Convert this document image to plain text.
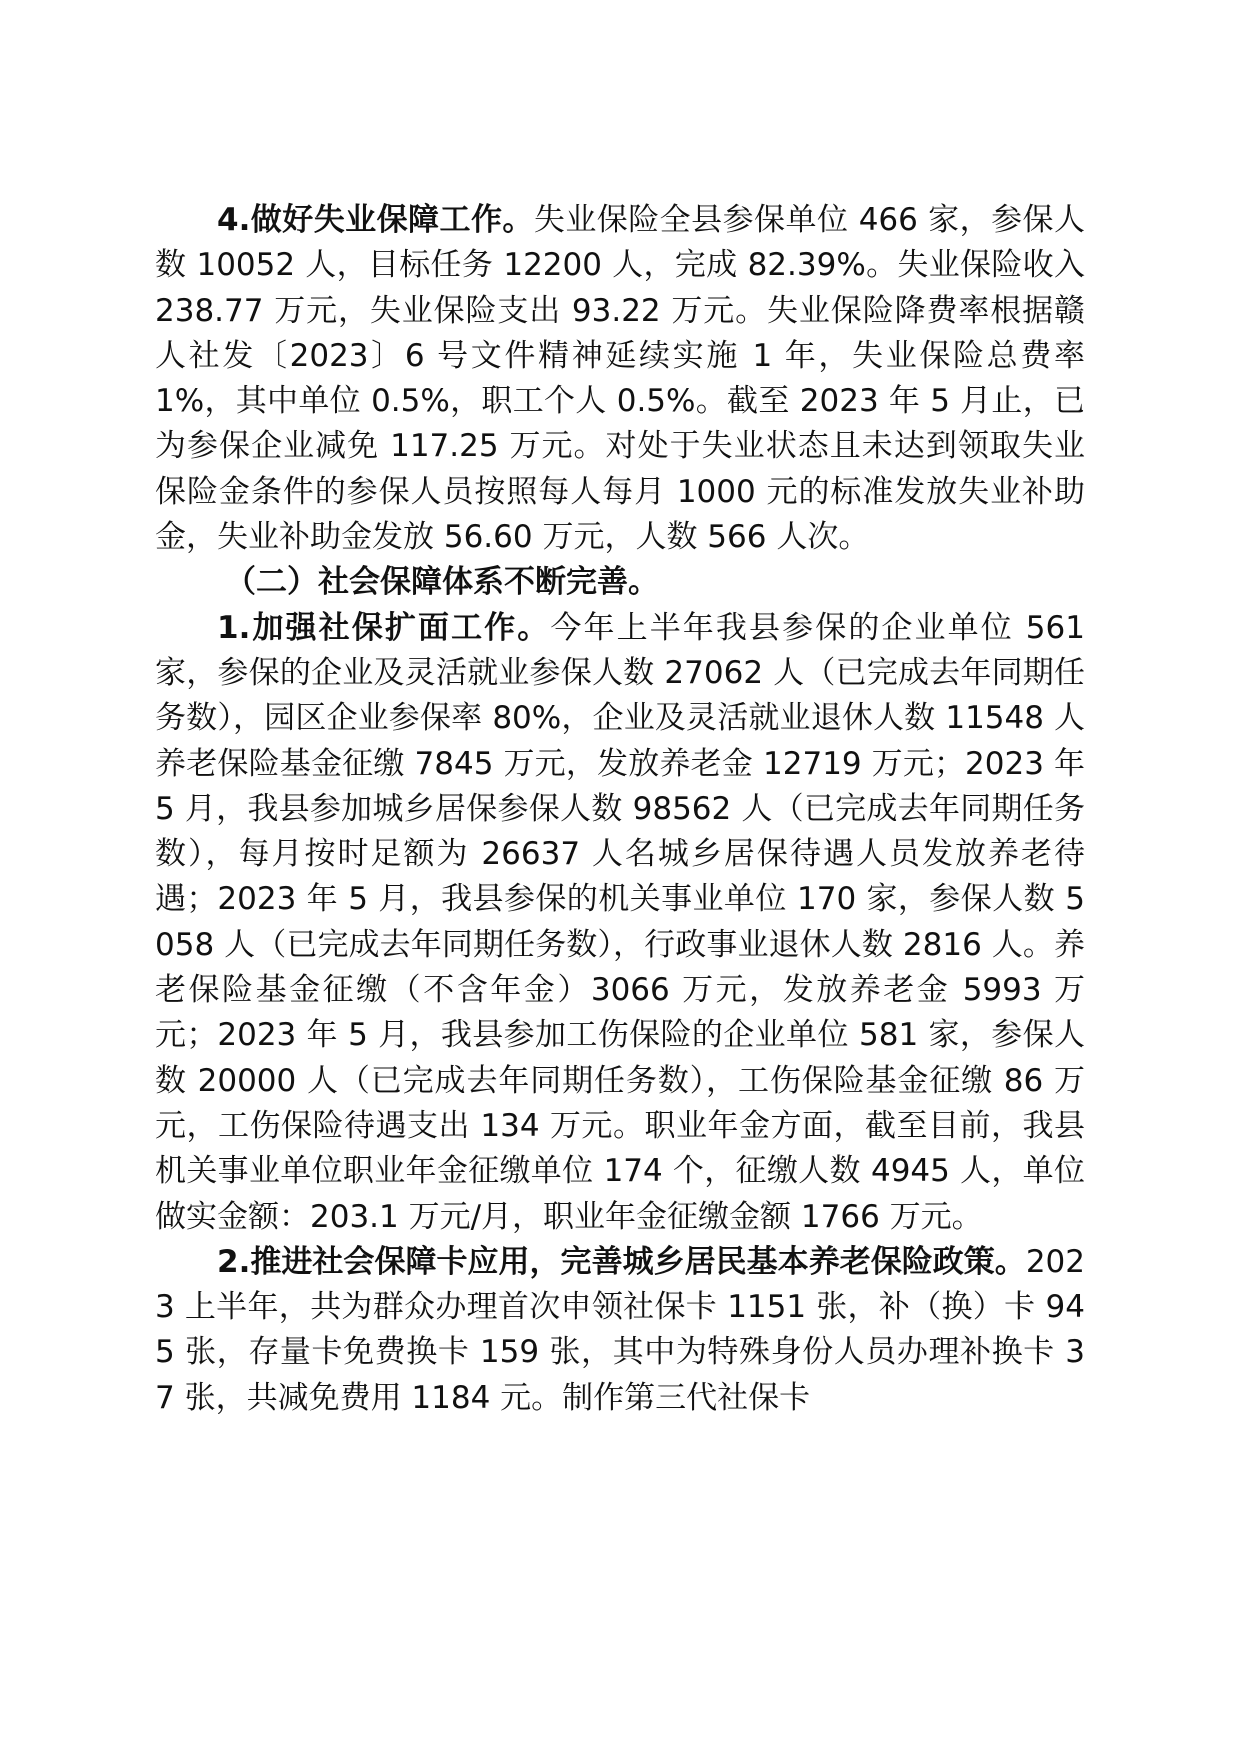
4.做好失业保障工作。失业保险全县参保单位 466 家，参保人数 10052 人，目标任务 12200 人，完成 82.39%。失业保险收入 238.77 万元，失业保险支出 93.22 万元。失业保险降费率根据赣人社发〔2023〕6 号文件精神延续实施 1 年，失业保险总费率 1%，其中单位 0.5%，职工个人 0.5%。截至 2023 年 5 月止，已为参保企业减免 117.25 万元。对处于失业状态且未达到领取失业保险金条件的参保人员按照每人每月 1000 元的标准发放失业补助金，失业补助金发放 56.60 万元，人数 566 人次。

（二）社会保障体系不断完善。

1.加强社保扩面工作。今年上半年我县参保的企业单位 561 家，参保的企业及灵活就业参保人数 27062 人（已完成去年同期任务数），园区企业参保率 80%，企业及灵活就业退休人数 11548 人养老保险基金征缴 7845 万元，发放养老金 12719 万元；2023 年 5 月，我县参加城乡居保参保人数 98562 人（已完成去年同期任务数），每月按时足额为 26637 人名城乡居保待遇人员发放养老待遇；2023 年 5 月，我县参保的机关事业单位 170 家，参保人数 5058 人（已完成去年同期任务数），行政事业退休人数 2816 人。养老保险基金征缴（不含年金）3066 万元，发放养老金 5993 万元；2023 年 5 月，我县参加工伤保险的企业单位 581 家，参保人数 20000 人（已完成去年同期任务数），工伤保险基金征缴 86 万元，工伤保险待遇支出 134 万元。职业年金方面，截至目前，我县机关事业单位职业年金征缴单位 174 个，征缴人数 4945 人，单位做实金额：203.1 万元/月，职业年金征缴金额 1766 万元。

2.推进社会保障卡应用，完善城乡居民基本养老保险政策。2023 上半年，共为群众办理首次申领社保卡 1151 张，补（换）卡 945 张，存量卡免费换卡 159 张，其中为特殊身份人员办理补换卡 37 张，共减免费用 1184 元。制作第三代社保卡
